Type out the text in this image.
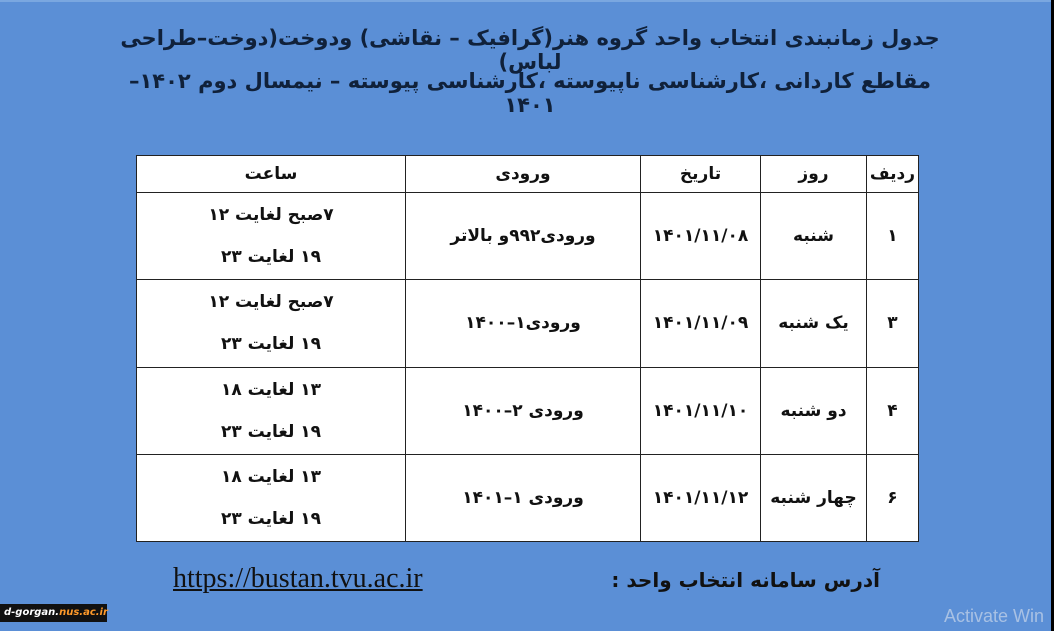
جدول زمانبندی انتخاب واحد گروه هنر(گرافیک – نقاشی) ودوخت(دوخت–طراحی لباس)
مقاطع کاردانی ،کارشناسی ناپیوسته ،کارشناسی پیوسته – نیمسال دوم ۱۴۰۲–۱۴۰۱
ردیف	روز	تاریخ	ورودی	ساعت
۱	شنبه	۱۴۰۱/۱۱/۰۸	ورودی۹۹۲و بالاتر	۷صبح لغایت ۱۲
۱۹ لغایت ۲۳

۳	یک شنبه	۱۴۰۱/۱۱/۰۹	ورودی۱–۱۴۰۰	۷صبح لغایت ۱۲
۱۹ لغایت ۲۳

۴	دو شنبه	۱۴۰۱/۱۱/۱۰	ورودی ۲–۱۴۰۰	۱۳ لغایت ۱۸
۱۹ لغایت ۲۳

۶	چهار شنبه	۱۴۰۱/۱۱/۱۲	ورودی ۱–۱۴۰۱	۱۳ لغایت ۱۸
۱۹ لغایت ۲۳
آدرس سامانه انتخاب واحد :
https://bustan.tvu.ac.ir
d-gorgan.nus.ac.ir	Activate Win
